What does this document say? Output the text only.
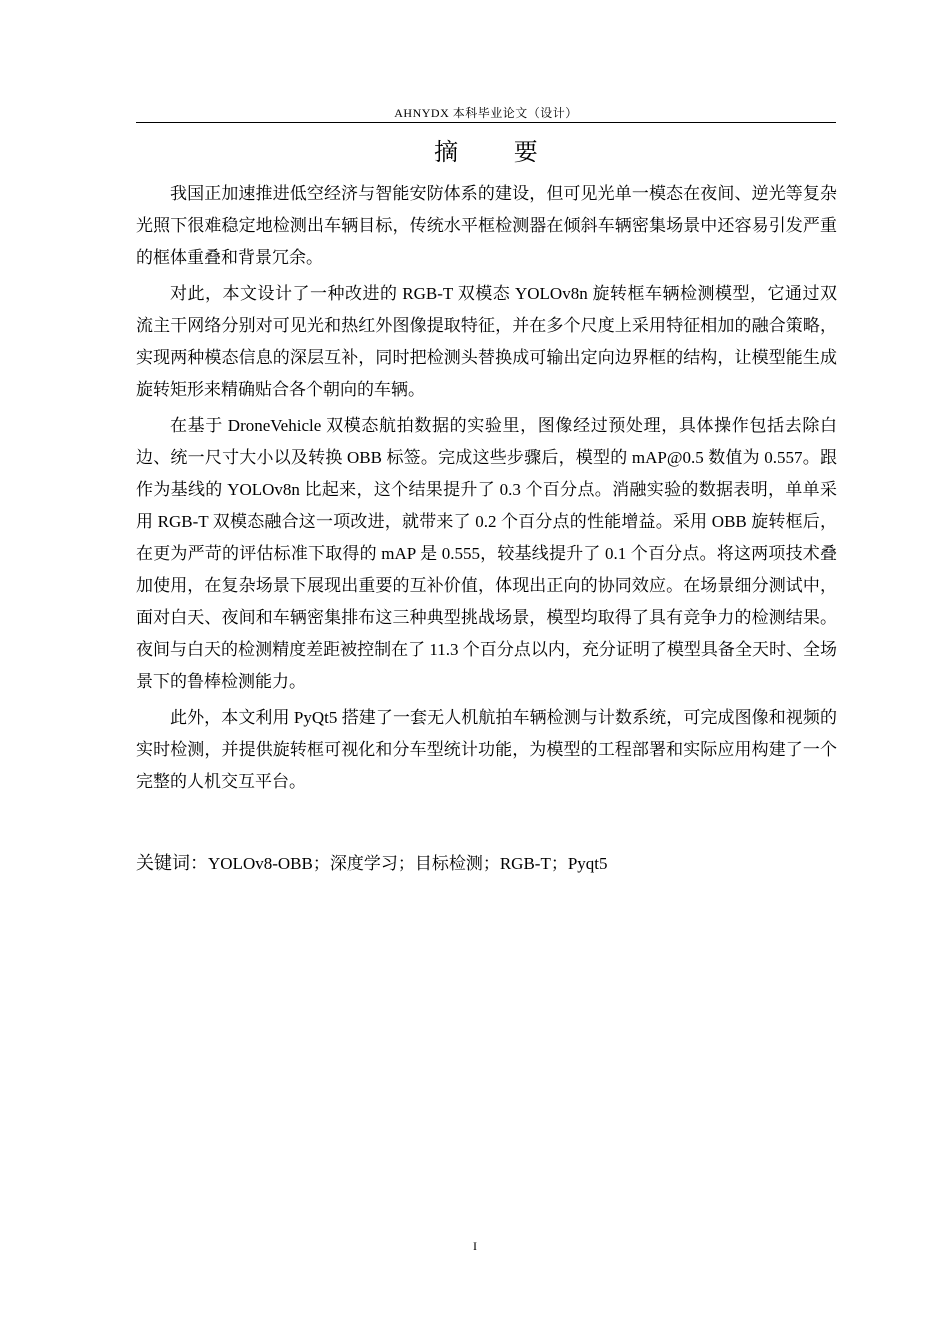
AHNYDX 本科毕业论文（设计）
摘 要

我国正加速推进低空经济与智能安防体系的建设，但可见光单一模态在夜间、逆光等复杂光照下很难稳定地检测出车辆目标，传统水平框检测器在倾斜车辆密集场景中还容易引发严重的框体重叠和背景冗余。

对此，本文设计了一种改进的 RGB-T 双模态 YOLOv8n 旋转框车辆检测模型，它通过双流主干网络分别对可见光和热红外图像提取特征，并在多个尺度上采用特征相加的融合策略，实现两种模态信息的深层互补，同时把检测头替换成可输出定向边界框的结构，让模型能生成旋转矩形来精确贴合各个朝向的车辆。

在基于 DroneVehicle 双模态航拍数据的实验里，图像经过预处理，具体操作包括去除白边、统一尺寸大小以及转换 OBB 标签。完成这些步骤后，模型的 mAP@0.5 数值为 0.557。跟作为基线的 YOLOv8n 比起来，这个结果提升了 0.3 个百分点。消融实验的数据表明，单单采用 RGB-T 双模态融合这一项改进，就带来了 0.2 个百分点的性能增益。采用 OBB 旋转框后，在更为严苛的评估标准下取得的 mAP 是 0.555，较基线提升了 0.1 个百分点。将这两项技术叠加使用，在复杂场景下展现出重要的互补价值，体现出正向的协同效应。在场景细分测试中，面对白天、夜间和车辆密集排布这三种典型挑战场景，模型均取得了具有竞争力的检测结果。夜间与白天的检测精度差距被控制在了 11.3 个百分点以内，充分证明了模型具备全天时、全场景下的鲁棒检测能力。

此外，本文利用 PyQt5 搭建了一套无人机航拍车辆检测与计数系统，可完成图像和视频的实时检测，并提供旋转框可视化和分车型统计功能，为模型的工程部署和实际应用构建了一个完整的人机交互平台。

关键词：YOLOv8-OBB；深度学习；目标检测；RGB-T；Pyqt5
I
